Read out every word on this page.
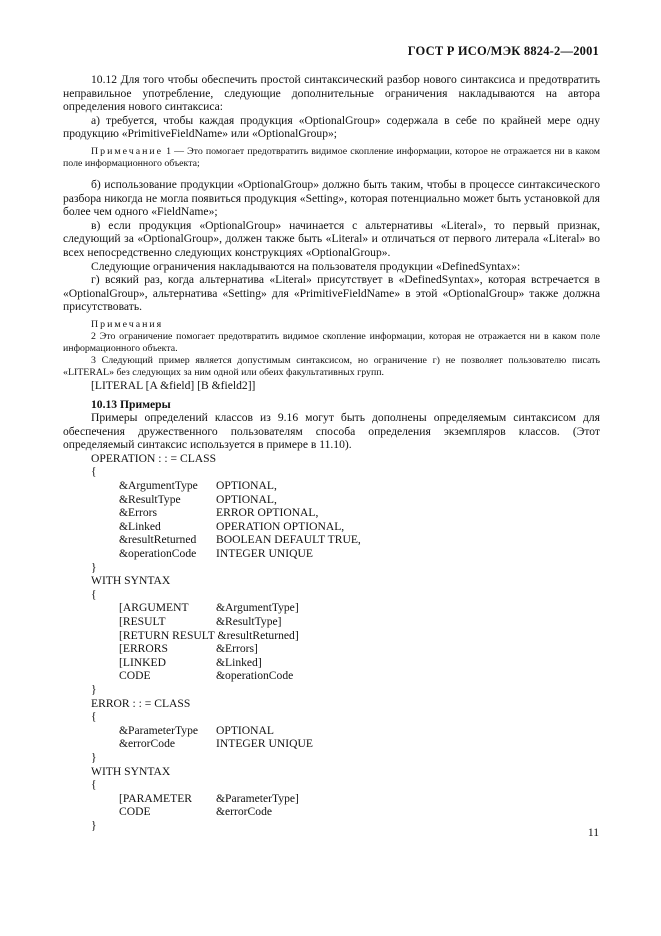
ГОСТ Р ИСО/МЭК 8824-2—2001

10.12 Для того чтобы обеспечить простой синтаксический разбор нового синтаксиса и предотвратить неправильное употребление, следующие дополнительные ограничения накладываются на автора определения нового синтаксиса:

а) требуется, чтобы каждая продукция «OptionalGroup» содержала в себе по крайней мере одну продукцию «PrimitiveFieldName» или «OptionalGroup»;

Примечание 1 — Это помогает предотвратить видимое скопление информации, которое не отражается ни в каком поле информационного объекта;

б) использование продукции «OptionalGroup» должно быть таким, чтобы в процессе синтаксического разбора никогда не могла появиться продукция «Setting», которая потенциально может быть установкой для более чем одного «FieldName»;

в) если продукция «OptionalGroup» начинается с альтернативы «Literal», то первый признак, следующий за «OptionalGroup», должен также быть «Literal» и отличаться от первого литерала «Literal» во всех непосредственно следующих конструкциях «OptionalGroup».

Следующие ограничения накладываются на пользователя продукции «DefinedSyntax»:

г) всякий раз, когда альтернатива «Literal» присутствует в «DefinedSyntax», которая встречается в «OptionalGroup», альтернатива «Setting» для «PrimitiveFieldName» в этой «OptionalGroup» также должна присутствовать.

Примечания

2 Это ограничение помогает предотвратить видимое скопление информации, которая не отражается ни в каком поле информационного объекта.

3 Следующий пример является допустимым синтаксисом, но ограничение г) не позволяет пользователю писать «LITERAL» без следующих за ним одной или обеих факультативных групп.

[LITERAL [A &field] [B &field2]]

10.13 Примеры

Примеры определений классов из 9.16 могут быть дополнены определяемым синтаксисом для обеспечения дружественного пользователям способа определения экземпляров классов. (Этот определяемый синтаксис используется в примере в 11.10).

OPERATION : : = CLASS
{
&ArgumentType OPTIONAL,
&ResultType	OPTIONAL,
&Errors	ERROR OPTIONAL,
&Linked	OPERATION OPTIONAL,
&resultReturned BOOLEAN DEFAULT TRUE,
&operationCode INTEGER UNIQUE
}
WITH SYNTAX
{
[ARGUMENT &ArgumentType]
[RESULT	&ResultType]
[RETURN RESULT &resultReturned]
[ERRORS	&Errors]
[LINKED	&Linked]
CODE	&operationCode
}
ERROR : : = CLASS
{
&ParameterType OPTIONAL
&errorCode	INTEGER UNIQUE
}
WITH SYNTAX
{
[PARAMETER &ParameterType]
CODE	&errorCode
}
11
